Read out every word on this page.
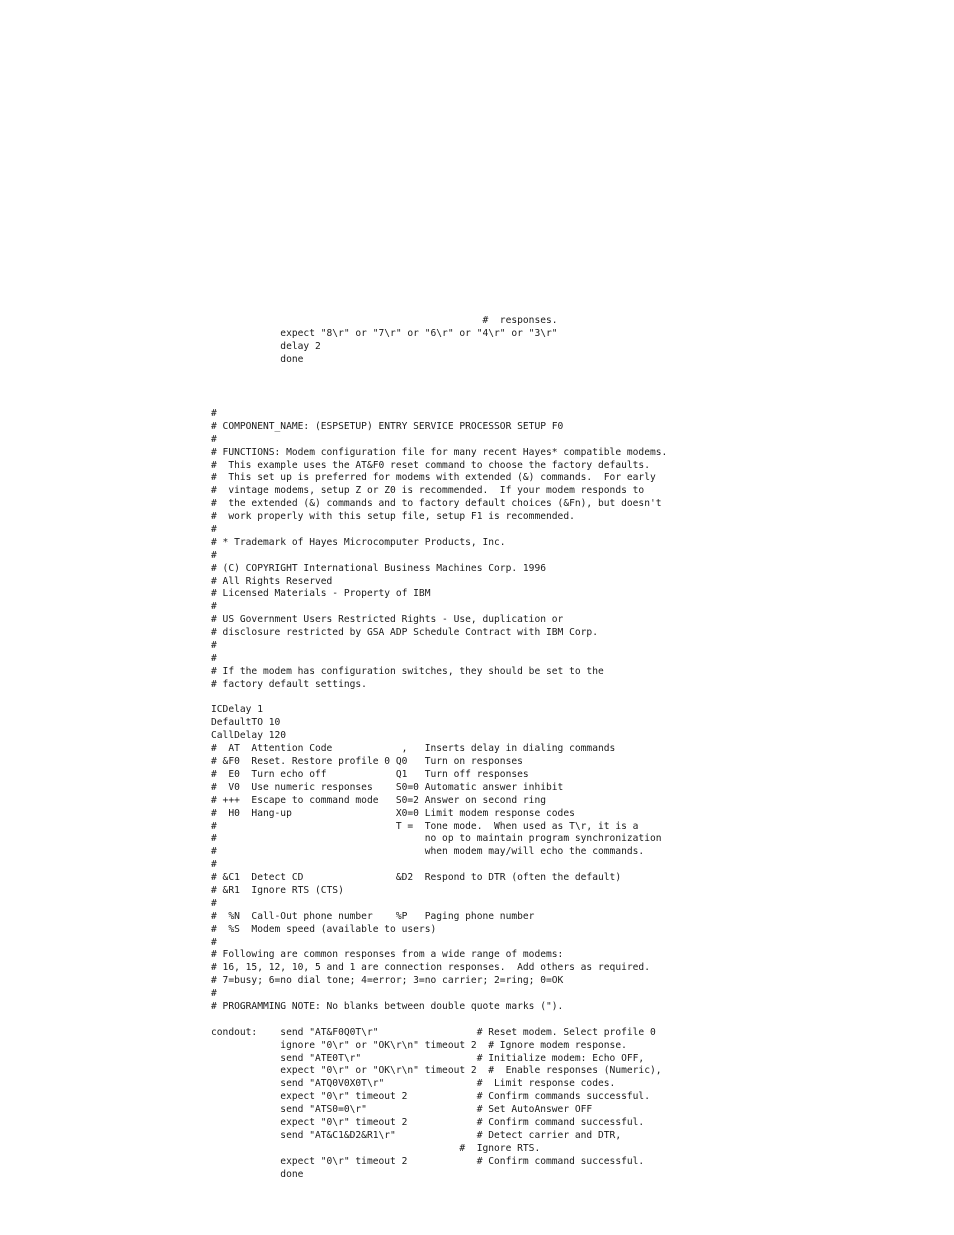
#  responses.
expect "8\r" or "7\r" or "6\r" or "4\r" or "3\r"
delay 2
done
#
# COMPONENT_NAME: (ESPSETUP) ENTRY SERVICE PROCESSOR SETUP F0
#
# FUNCTIONS: Modem configuration file for many recent Hayes* compatible modems.
#  This example uses the AT&F0 reset command to choose the factory defaults.
#  This set up is preferred for modems with extended (&) commands.  For early
#  vintage modems, setup Z or Z0 is recommended.  If your modem responds to
#  the extended (&) commands and to factory default choices (&Fn), but doesn't
#  work properly with this setup file, setup F1 is recommended.
#
# * Trademark of Hayes Microcomputer Products, Inc.
#
# (C) COPYRIGHT International Business Machines Corp. 1996
# All Rights Reserved
# Licensed Materials - Property of IBM
#
# US Government Users Restricted Rights - Use, duplication or
# disclosure restricted by GSA ADP Schedule Contract with IBM Corp.
#
#
# If the modem has configuration switches, they should be set to the
# factory default settings.
ICDelay 1
DefaultTO 10
CallDelay 120
#  AT  Attention Code            ,   Inserts delay in dialing commands
# &F0  Reset. Restore profile 0 Q0   Turn on responses
#  E0  Turn echo off            Q1   Turn off responses
#  V0  Use numeric responses    S0=0 Automatic answer inhibit
# +++  Escape to command mode   S0=2 Answer on second ring
#  H0  Hang-up                  X0=0 Limit modem response codes
#                               T =  Tone mode.  When used as T\r, it is a
#                                    no op to maintain program synchronization
#                                    when modem may/will echo the commands.
#
# &C1  Detect CD                &D2  Respond to DTR (often the default)
# &R1  Ignore RTS (CTS)
#
#  %N  Call-Out phone number    %P   Paging phone number
#  %S  Modem speed (available to users)
#
# Following are common responses from a wide range of modems:
# 16, 15, 12, 10, 5 and 1 are connection responses.  Add others as required.
# 7=busy; 6=no dial tone; 4=error; 3=no carrier; 2=ring; 0=OK
#
# PROGRAMMING NOTE: No blanks between double quote marks (").
condout:    send "AT&F0Q0T\r"                 # Reset modem. Select profile 0
ignore "0\r" or "OK\r\n" timeout 2  # Ignore modem response.
send "ATE0T\r"                    # Initialize modem: Echo OFF,
expect "0\r" or "OK\r\n" timeout 2  #  Enable responses (Numeric),
send "ATQ0V0X0T\r"                #  Limit response codes.
expect "0\r" timeout 2            # Confirm commands successful.
send "ATS0=0\r"                   # Set AutoAnswer OFF
expect "0\r" timeout 2            # Confirm command successful.
send "AT&C1&D2&R1\r"              # Detect carrier and DTR,
#  Ignore RTS.
expect "0\r" timeout 2            # Confirm command successful.
done
